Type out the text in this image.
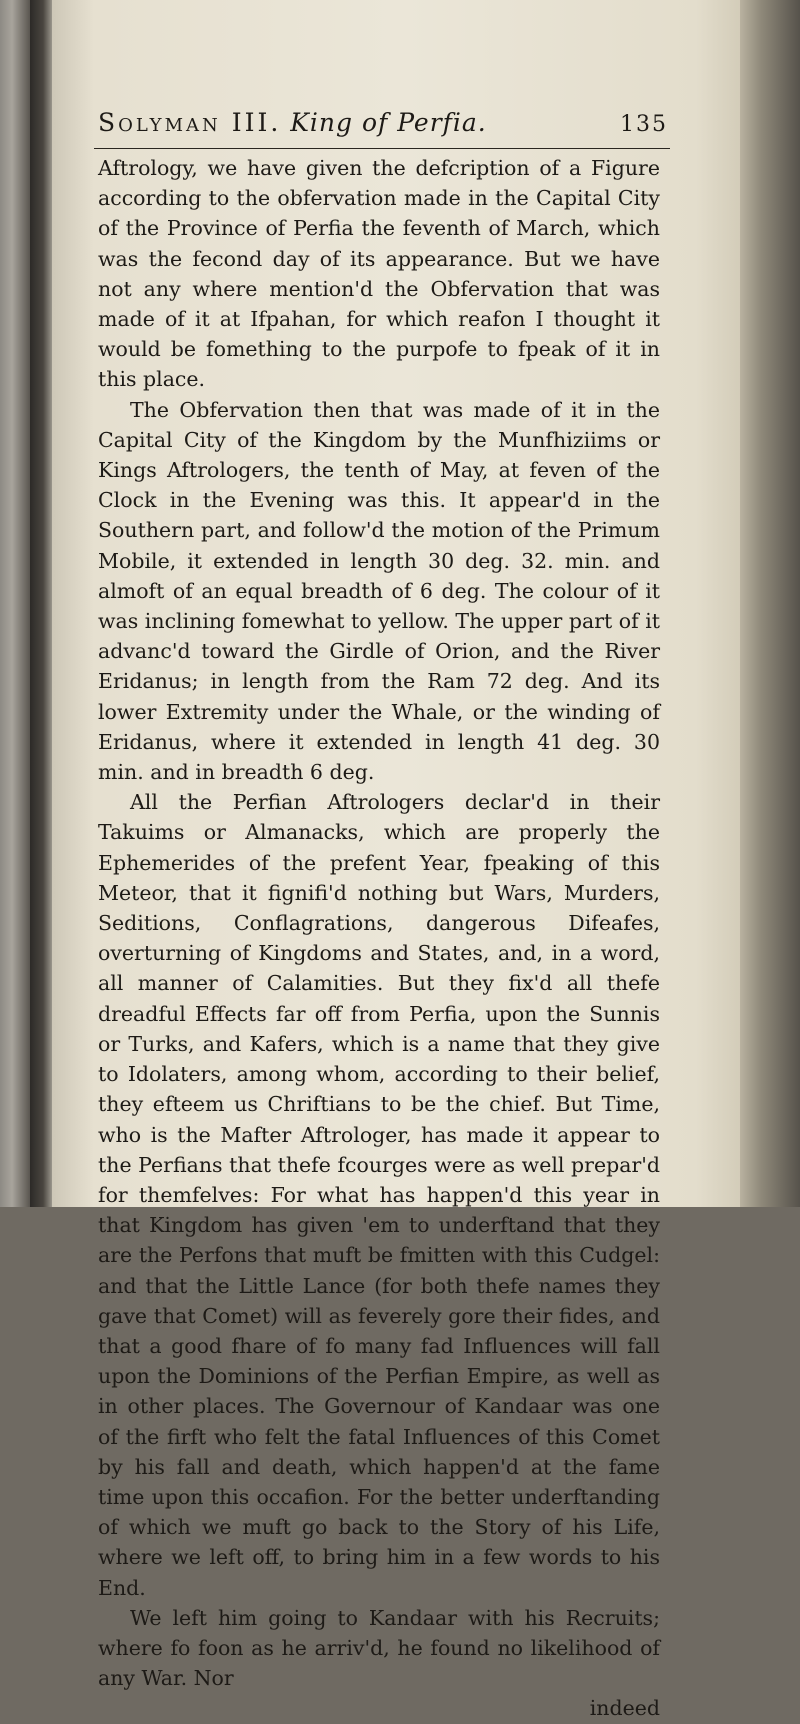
Solyman III. King of Perfia.	135

Aftrology, we have given the defcription of a Figure according to the obfervation made in the Capital City of the Province of Perfia the feventh of March, which was the fecond day of its appearance. But we have not any where mention'd the Obfervation that was made of it at Ifpahan, for which reafon I thought it would be fomething to the purpofe to fpeak of it in this place.

The Obfervation then that was made of it in the Capital City of the Kingdom by the Munfhiziims or Kings Aftrologers, the tenth of May, at feven of the Clock in the Evening was this. It appear'd in the Southern part, and follow'd the motion of the Primum Mobile, it extended in length 30 deg. 32. min. and almoft of an equal breadth of 6 deg. The colour of it was inclining fomewhat to yellow. The upper part of it advanc'd toward the Girdle of Orion, and the River Eridanus; in length from the Ram 72 deg. And its lower Extremity under the Whale, or the winding of Eridanus, where it extended in length 41 deg. 30 min. and in breadth 6 deg.

All the Perfian Aftrologers declar'd in their Takuims or Almanacks, which are properly the Ephemerides of the prefent Year, fpeaking of this Meteor, that it fignifi'd nothing but Wars, Murders, Seditions, Conflagrations, dangerous Difeafes, overturning of Kingdoms and States, and, in a word, all manner of Calamities. But they fix'd all thefe dreadful Effects far off from Perfia, upon the Sunnis or Turks, and Kafers, which is a name that they give to Idolaters, among whom, according to their belief, they efteem us Chriftians to be the chief. But Time, who is the Mafter Aftrologer, has made it appear to the Perfians that thefe fcourges were as well prepar'd for themfelves: For what has happen'd this year in that Kingdom has given 'em to underftand that they are the Perfons that muft be fmitten with this Cudgel: and that the Little Lance (for both thefe names they gave that Comet) will as feverely gore their fides, and that a good fhare of fo many fad Influences will fall upon the Dominions of the Perfian Empire, as well as in other places. The Governour of Kandaar was one of the firft who felt the fatal Influences of this Comet by his fall and death, which happen'd at the fame time upon this occafion. For the better underftanding of which we muft go back to the Story of his Life, where we left off, to bring him in a few words to his End.

We left him going to Kandaar with his Recruits; where fo foon as he arriv'd, he found no likelihood of any War. Nor

indeed
